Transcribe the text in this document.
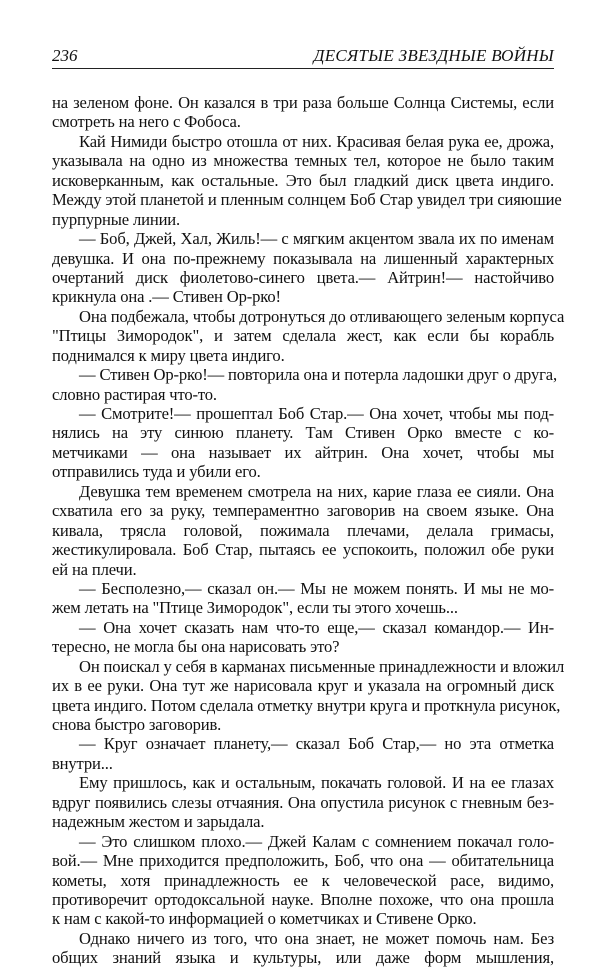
236	ДЕСЯТЫЕ ЗВЕЗДНЫЕ ВОЙНЫ
на зеленом фоне. Он казался в три раза больше Солнца Системы, если
смотреть на него с Фобоса.
Кай Нимиди быстро отошла от них. Красивая белая рука ее, дрожа,
указывала на одно из множества темных тел, которое не было таким
исковерканным, как остальные. Это был гладкий диск цвета индиго.
Между этой планетой и пленным солнцем Боб Стар увидел три сияюшие
пурпурные линии.
— Боб, Джей, Хал, Жиль!— с мягким акцентом звала их по именам
девушка. И она по-прежнему показывала на лишенный характерных
очертаний диск фиолетово-синего цвета.— Айтрин!— настойчиво
крикнула она .— Стивен Ор-рко!
Она подбежала, чтобы дотронуться до отливающего зеленым корпуса
"Птицы Зимородок", и затем сделала жест, как если бы корабль
поднимался к миру цвета индиго.
— Стивен Ор-рко!— повторила она и потерла ладошки друг о друга,
словно растирая что-то.
— Смотрите!— прошептал Боб Стар.— Она хочет, чтобы мы под-
нялись на эту синюю планету. Там Стивен Орко вместе с ко-
метчиками — она называет их айтрин. Она хочет, чтобы мы
отправились туда и убили его.
Девушка тем временем смотрела на них, карие глаза ее сияли. Она
схватила его за руку, темпераментно заговорив на своем языке. Она
кивала, трясла головой, пожимала плечами, делала гримасы,
жестикулировала. Боб Стар, пытаясь ее успокоить, положил обе руки
ей на плечи.
— Бесполезно,— сказал он.— Мы не можем понять. И мы не мо-
жем летать на "Птице Зимородок", если ты этого хочешь...
— Она хочет сказать нам что-то еще,— сказал командор.— Ин-
тересно, не могла бы она нарисовать это?
Он поискал у себя в карманах письменные принадлежности и вложил
их в ее руки. Она тут же нарисовала круг и указала на огромный диск
цвета индиго. Потом сделала отметку внутри круга и проткнула рисунок,
снова быстро заговорив.
— Круг означает планету,— сказал Боб Стар,— но эта отметка
внутри...
Ему пришлось, как и остальным, покачать головой. И на ее глазах
вдруг появились слезы отчаяния. Она опустила рисунок с гневным без-
надежным жестом и зарыдала.
— Это слишком плохо.— Джей Калам с сомнением покачал голо-
вой.— Мне приходится предположить, Боб, что она — обитательница
кометы, хотя принадлежность ее к человеческой расе, видимо,
противоречит ортодоксальной науке. Вполне похоже, что она прошла
к нам с какой-то информацией о кометчиках и Стивене Орко.
Однако ничего из того, что она знает, не может помочь нам. Без
общих знаний языка и культуры, или даже форм мышления,
